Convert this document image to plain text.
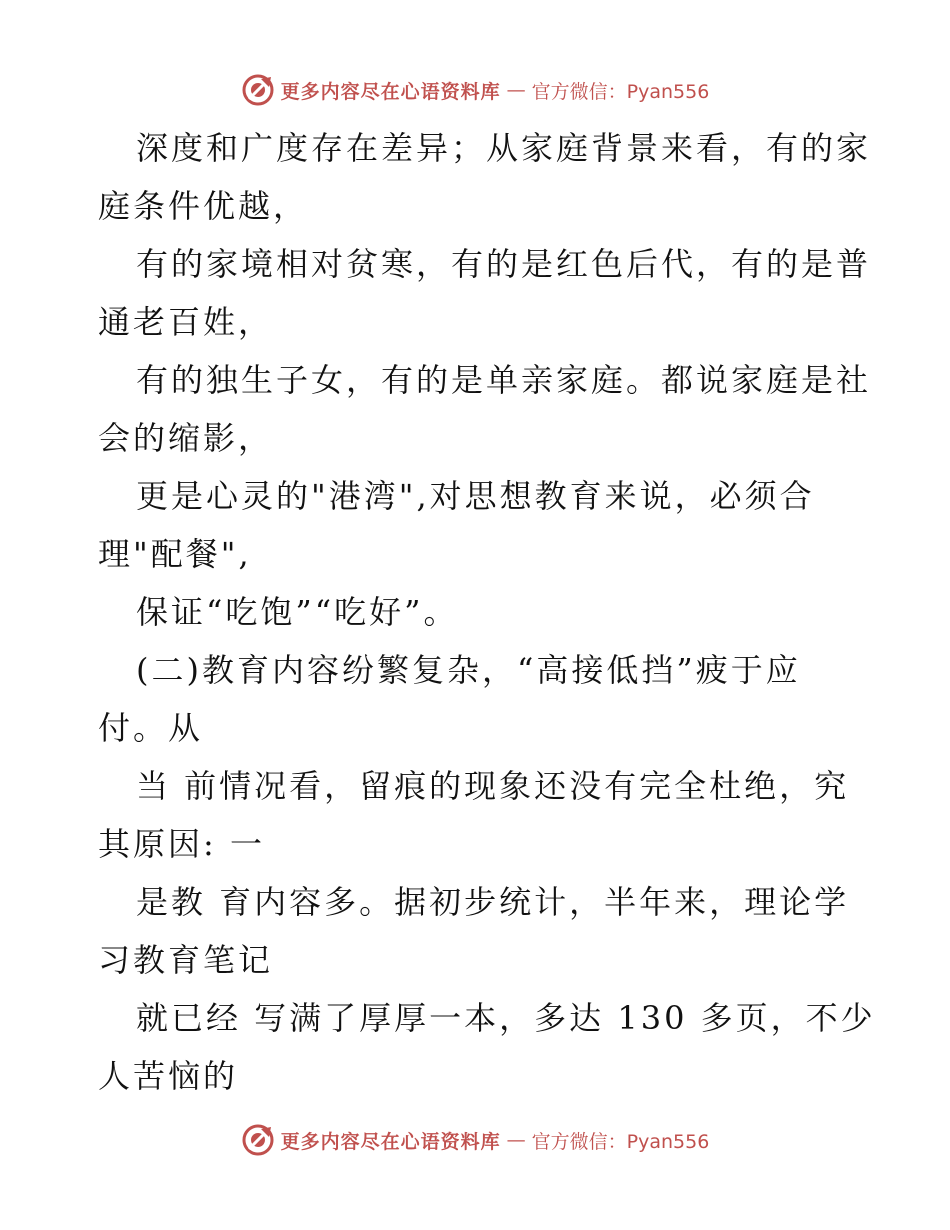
更多内容尽在心语资料库 — 官方微信：Pyan556
深度和广度存在差异；从家庭背景来看，有的家
庭条件优越，
有的家境相对贫寒，有的是红色后代，有的是普
通老百姓，
有的独生子女，有的是单亲家庭。都说家庭是社
会的缩影，
更是心灵的"港湾",对思想教育来说，必须合
理"配餐",
保证“吃饱”“吃好”。
(二)教育内容纷繁复杂，“高接低挡”疲于应
付。从
当 前情况看，留痕的现象还没有完全杜绝，究
其原因: 一
是教 育内容多。据初步统计，半年来，理论学
习教育笔记
就已经 写满了厚厚一本，多达 130 多页，不少
人苦恼的
更多内容尽在心语资料库 — 官方微信：Pyan556
